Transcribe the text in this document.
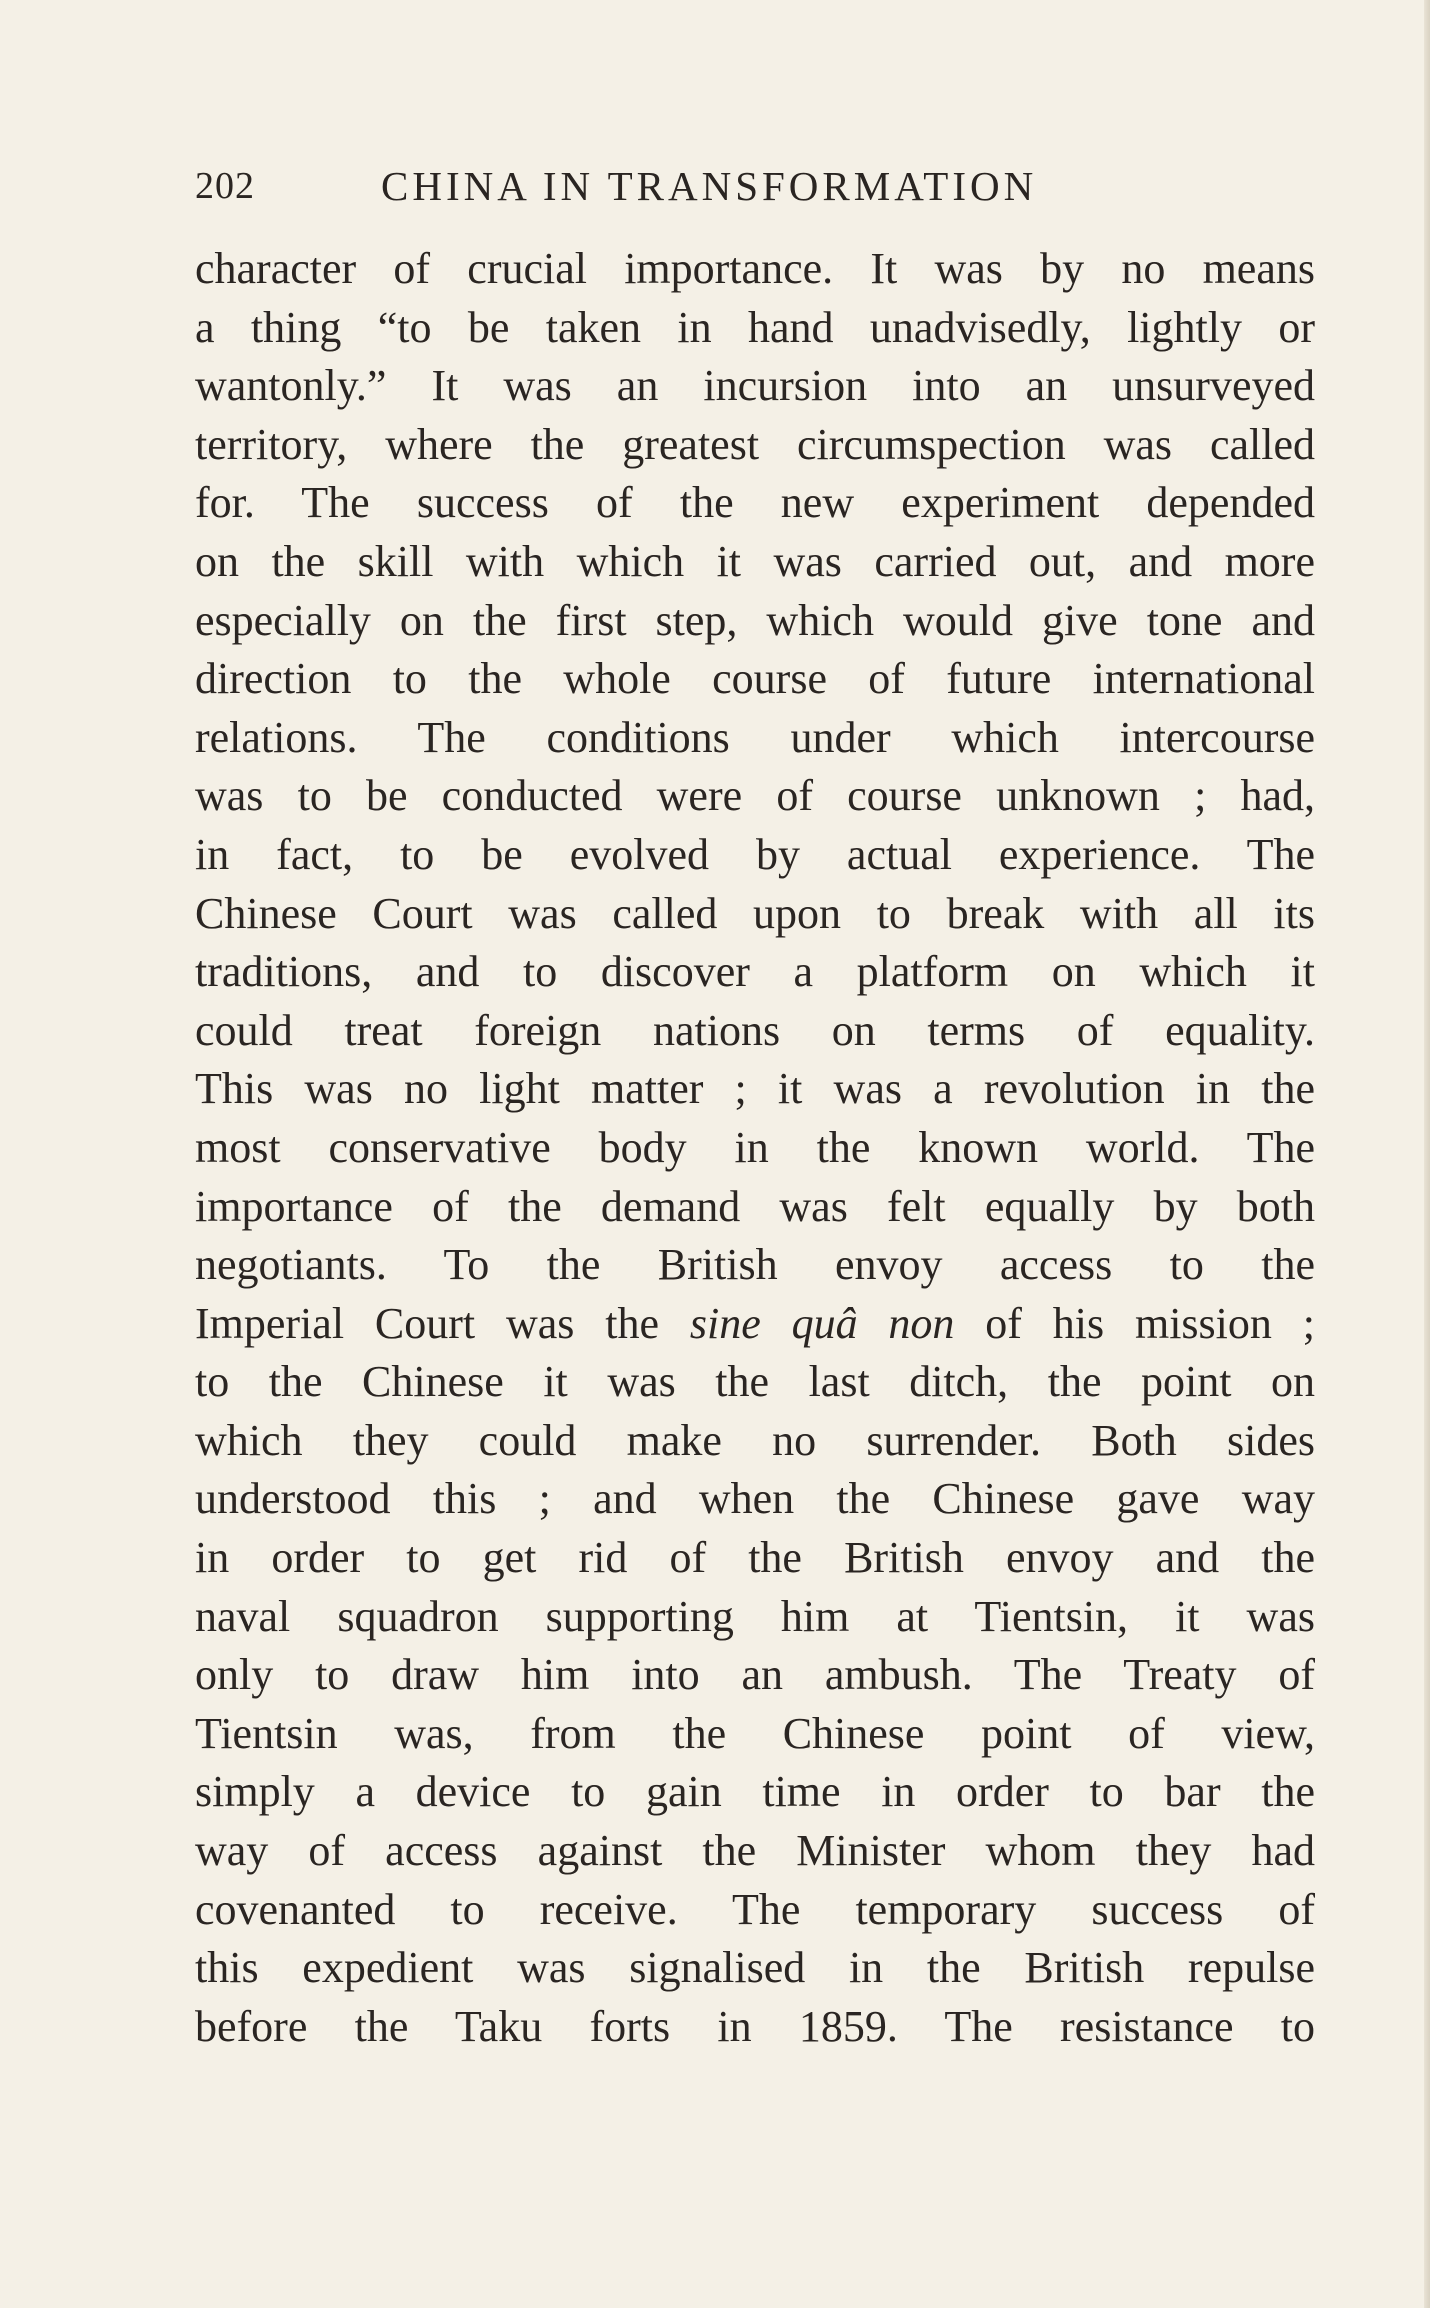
202	CHINA IN TRANSFORMATION
character of crucial importance. It was by no means
a thing “to be taken in hand unadvisedly, lightly or
wantonly.” It was an incursion into an unsurveyed
territory, where the greatest circumspection was called
for. The success of the new experiment depended
on the skill with which it was carried out, and more
especially on the first step, which would give tone and
direction to the whole course of future international
relations. The conditions under which intercourse
was to be conducted were of course unknown ; had,
in fact, to be evolved by actual experience. The
Chinese Court was called upon to break with all its
traditions, and to discover a platform on which it
could treat foreign nations on terms of equality.
This was no light matter ; it was a revolution in the
most conservative body in the known world. The
importance of the demand was felt equally by both
negotiants. To the British envoy access to the
Imperial Court was the sine quâ non of his mission ;
to the Chinese it was the last ditch, the point on
which they could make no surrender. Both sides
understood this ; and when the Chinese gave way
in order to get rid of the British envoy and the
naval squadron supporting him at Tientsin, it was
only to draw him into an ambush. The Treaty of
Tientsin was, from the Chinese point of view,
simply a device to gain time in order to bar the
way of access against the Minister whom they had
covenanted to receive. The temporary success of
this expedient was signalised in the British repulse
before the Taku forts in 1859. The resistance to
